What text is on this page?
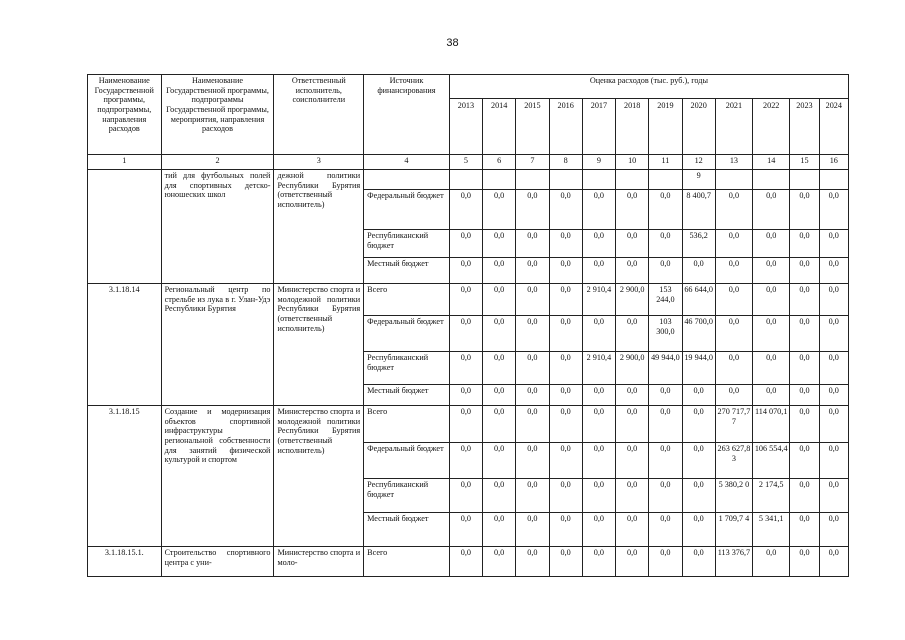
38
Наименование Государственной программы, подпрограммы, направления расходов	Наименование Государственной программы, подпрограммы Государственной программы, мероприятия, направления расходов	Ответственный исполнитель, соисполнители	Источник финансирования	Оценка расходов (тыс. руб.), годы											
				2013	2014	2015	2016	2017	2018	2019	2020	2021	2022	2023	2024
1	2	3	4	5	6	7	8	9	10	11	12	13	14	15	16
	тий для футбольных полей для спортивных детско-юношеских школ	дежной политики Республики Бурятия (ответственный исполнитель)									9				
			Федеральный бюджет	0,0	0,0	0,0	0,0	0,0	0,0	0,0	8 400,7	0,0	0,0	0,0	0,0
			Республиканский бюджет	0,0	0,0	0,0	0,0	0,0	0,0	0,0	536,2	0,0	0,0	0,0	0,0
			Местный бюджет	0,0	0,0	0,0	0,0	0,0	0,0	0,0	0,0	0,0	0,0	0,0	0,0
3.1.18.14	Региональный центр по стрельбе из лука в г. Улан-Удэ Республики Бурятия	Министерство спорта и молодежной политики Республики Бурятия (ответственный исполнитель)	Всего	0,0	0,0	0,0	0,0	2 910,4	2 900,0	153 244,0	66 644,0	0,0	0,0	0,0	0,0
			Федеральный бюджет	0,0	0,0	0,0	0,0	0,0	0,0	103 300,0	46 700,0	0,0	0,0	0,0	0,0
			Республиканский бюджет	0,0	0,0	0,0	0,0	2 910,4	2 900,0	49 944,0	19 944,0	0,0	0,0	0,0	0,0
			Местный бюджет	0,0	0,0	0,0	0,0	0,0	0,0	0,0	0,0	0,0	0,0	0,0	0,0
3.1.18.15	Создание и модернизация объектов спортивной инфраструктуры региональной собственности для занятий физической культурой и спортом	Министерство спорта и молодежной политики Республики Бурятия (ответственный исполнитель)	Всего	0,0	0,0	0,0	0,0	0,0	0,0	0,0	0,0	270 717,7 7	114 070,1	0,0	0,0
			Федеральный бюджет	0,0	0,0	0,0	0,0	0,0	0,0	0,0	0,0	263 627,8 3	106 554,4	0,0	0,0
			Республиканский бюджет	0,0	0,0	0,0	0,0	0,0	0,0	0,0	0,0	5 380,2 0	2 174,5	0,0	0,0
			Местный бюджет	0,0	0,0	0,0	0,0	0,0	0,0	0,0	0,0	1 709,7 4	5 341,1	0,0	0,0
3.1.18.15.1.	Строительство спортивного центра с уни-	Министерство спорта и моло-	Всего	0,0	0,0	0,0	0,0	0,0	0,0	0,0	0,0	113 376,7	0,0	0,0	0,0
